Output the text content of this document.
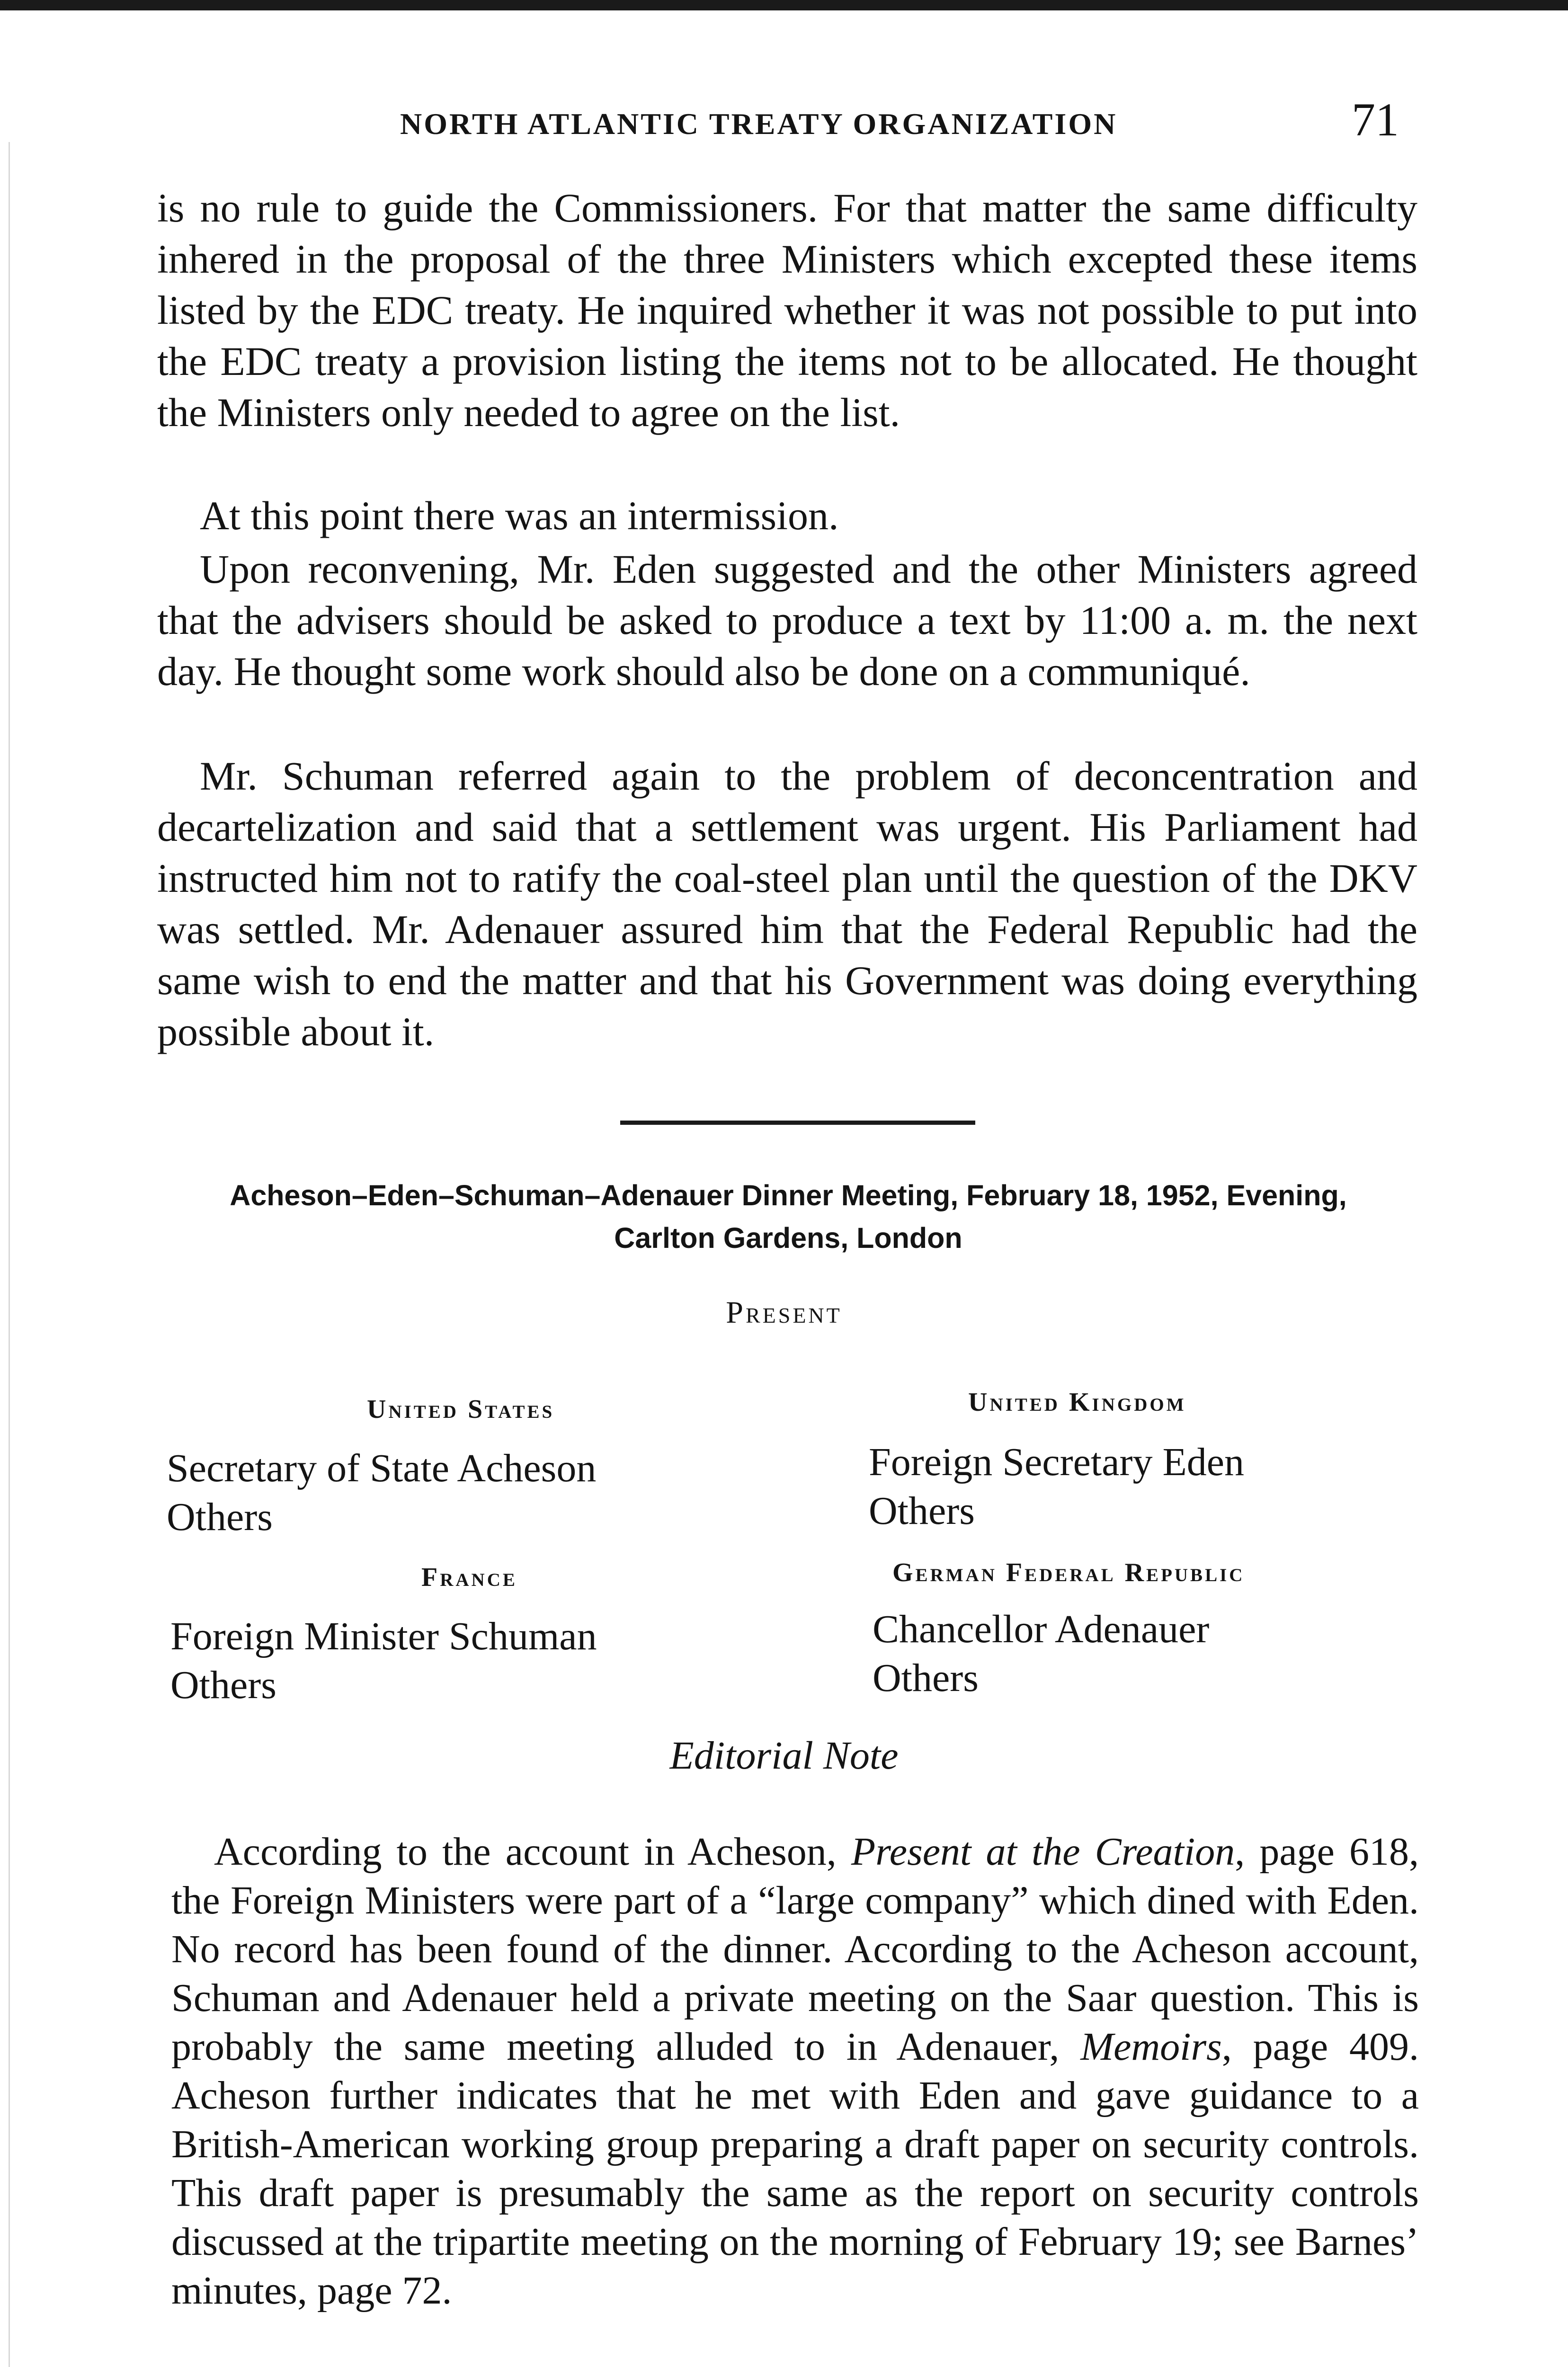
NORTH ATLANTIC TREATY ORGANIZATION	71

is no rule to guide the Commissioners. For that matter the same difficulty inhered in the proposal of the three Ministers which excepted these items listed by the EDC treaty. He inquired whether it was not possible to put into the EDC treaty a provision listing the items not to be allocated. He thought the Ministers only needed to agree on the list.

At this point there was an intermission.

Upon reconvening, Mr. Eden suggested and the other Ministers agreed that the advisers should be asked to produce a text by 11:00 a. m. the next day. He thought some work should also be done on a communiqué.

Mr. Schuman referred again to the problem of deconcentration and decartelization and said that a settlement was urgent. His Parliament had instructed him not to ratify the coal-steel plan until the question of the DKV was settled. Mr. Adenauer assured him that the Federal Republic had the same wish to end the matter and that his Government was doing everything possible about it.

Acheson–Eden–Schuman–Adenauer Dinner Meeting, February 18, 1952, Evening,
Carlton Gardens, London

Present
United States
Secretary of State Acheson
Others
United Kingdom
Foreign Secretary Eden
Others
France
Foreign Minister Schuman
Others
German Federal Republic
Chancellor Adenauer
Others
Editorial Note

According to the account in Acheson, Present at the Creation, page 618, the Foreign Ministers were part of a “large company” which dined with Eden. No record has been found of the dinner. According to the Acheson account, Schuman and Adenauer held a private meeting on the Saar question. This is probably the same meeting alluded to in Adenauer, Memoirs, page 409. Acheson further indicates that he met with Eden and gave guidance to a British-American working group preparing a draft paper on security controls. This draft paper is presumably the same as the report on security controls discussed at the tripartite meeting on the morning of February 19; see Barnes’ minutes, page 72.
